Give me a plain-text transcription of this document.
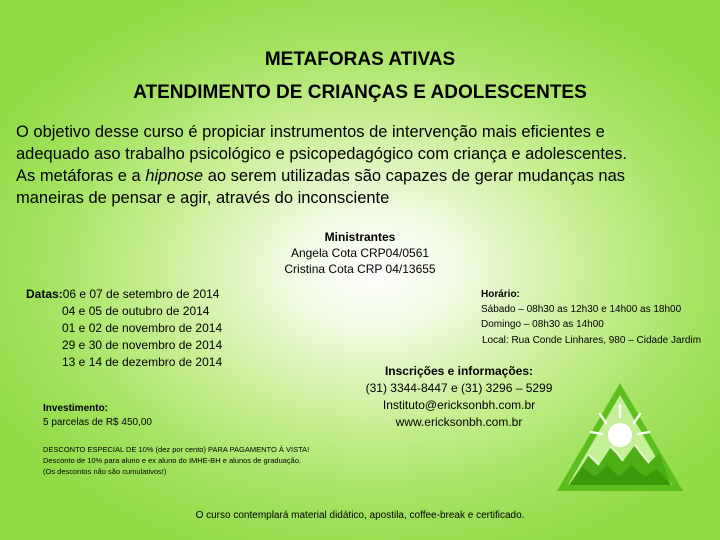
METAFORAS ATIVAS
ATENDIMENTO DE CRIANÇAS E ADOLESCENTES

O objetivo desse curso é propiciar instrumentos de intervenção mais eficientes e

adequado aso trabalho psicológico e psicopedagógico com criança e adolescentes.

As metáforas e a hipnose ao serem utilizadas são capazes de gerar mudanças nas

maneiras de pensar e agir, através do inconsciente

Ministrantes
Angela Cota CRP04/0561
Cristina Cota CRP 04/13655
Datas:06 e 07 de setembro de 2014
04 e 05 de outubro de 2014
01 e 02 de novembro de 2014
29 e 30 de novembro de 2014
13 e 14 de dezembro de 2014
Horário:
Sábado – 08h30 as 12h30 e 14h00 as 18h00
Domingo – 08h30 as 14h00
Local: Rua Conde Linhares, 980 – Cidade Jardim
Inscrições e informações:
(31) 3344-8447 e (31) 3296 – 5299
Instituto@ericksonbh.com.br
www.ericksonbh.com.br
Investimento:
5 parcelas de R$ 450,00
DESCONTO ESPECIAL DE 10% (dez por cento) PARA PAGAMENTO À VISTA!
Desconto de 10% para aluno e ex aluno do IMHE-BH e alunos de graduação.
(Os descontos não são cumulativos!)
O curso contemplará material didático, apostila, coffee-break e certificado.
